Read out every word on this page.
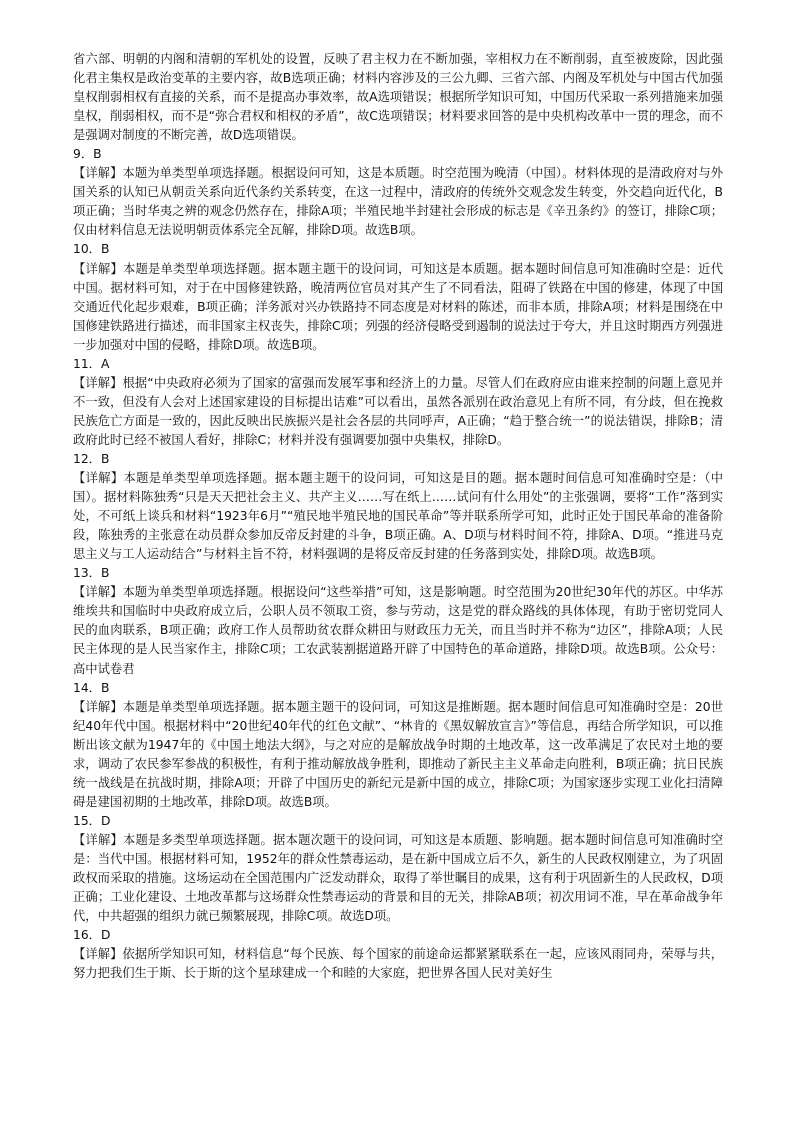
省六部、明朝的内阁和清朝的军机处的设置，反映了君主权力在不断加强，宰相权力在不断削弱，直至被废除，因此强化君主集权是政治变革的主要内容，故B选项正确；材料内容涉及的三公九卿、三省六部、内阁及军机处与中国古代加强皇权削弱相权有直接的关系，而不是提高办事效率，故A选项错误；根据所学知识可知，中国历代采取一系列措施来加强皇权，削弱相权，而不是“弥合君权和相权的矛盾”，故C选项错误；材料要求回答的是中央机构改革中一贯的理念，而不是强调对制度的不断完善，故D选项错误。

9．B

【详解】本题为单类型单项选择题。根据设问可知，这是本质题。时空范围为晚清（中国）。材料体现的是清政府对与外国关系的认知已从朝贡关系向近代条约关系转变，在这一过程中，清政府的传统外交观念发生转变，外交趋向近代化，B项正确；当时华夷之辨的观念仍然存在，排除A项；半殖民地半封建社会形成的标志是《辛丑条约》的签订，排除C项；仅由材料信息无法说明朝贡体系完全瓦解，排除D项。故选B项。

10．B

【详解】本题是单类型单项选择题。据本题主题干的设问词，可知这是本质题。据本题时间信息可知准确时空是：近代中国。据材料可知，对于在中国修建铁路，晚清两位官员对其产生了不同看法，阻碍了铁路在中国的修建，体现了中国交通近代化起步艰难，B项正确；洋务派对兴办铁路持不同态度是对材料的陈述，而非本质，排除A项；材料是围绕在中国修建铁路进行描述，而非国家主权丧失，排除C项；列强的经济侵略受到遏制的说法过于夸大，并且这时期西方列强进一步加强对中国的侵略，排除D项。故选B项。

11．A

【详解】根据“中央政府必须为了国家的富强而发展军事和经济上的力量。尽管人们在政府应由谁来控制的问题上意见并不一致，但没有人会对上述国家建设的目标提出诘难”可以看出，虽然各派别在政治意见上有所不同，有分歧，但在挽救民族危亡方面是一致的，因此反映出民族振兴是社会各层的共同呼声，A正确；“趋于整合统一”的说法错误，排除B；清政府此时已经不被国人看好，排除C；材料并没有强调要加强中央集权，排除D。

12．B

【详解】本题是单类型单项选择题。据本题主题干的设问词，可知这是目的题。据本题时间信息可知准确时空是：（中国）。据材料陈独秀“只是天天把社会主义、共产主义……写在纸上……试问有什么用处”的主张强调，要将“工作”落到实处，不可纸上谈兵和材料“1923年6月”“殖民地半殖民地的国民革命”等并联系所学可知，此时正处于国民革命的准备阶段，陈独秀的主张意在动员群众参加反帝反封建的斗争，B项正确。A、D项与材料时间不符，排除A、D项。“推进马克思主义与工人运动结合”与材料主旨不符，材料强调的是将反帝反封建的任务落到实处，排除D项。故选B项。

13．B

【详解】本题为单类型单项选择题。根据设问“这些举措”可知，这是影响题。时空范围为20世纪30年代的苏区。中华苏维埃共和国临时中央政府成立后，公职人员不领取工资，参与劳动，这是党的群众路线的具体体现，有助于密切党同人民的血肉联系，B项正确；政府工作人员帮助贫农群众耕田与财政压力无关，而且当时并不称为“边区”，排除A项；人民民主体现的是人民当家作主，排除C项；工农武装割据道路开辟了中国特色的革命道路，排除D项。故选B项。公众号：高中试卷君

14．B

【详解】本题是单类型单项选择题。据本题主题干的设问词，可知这是推断题。据本题时间信息可知准确时空是：20世纪40年代中国。根据材料中“20世纪40年代的红色文献”、“林肯的《黑奴解放宣言》”等信息，再结合所学知识，可以推断出该文献为1947年的《中国土地法大纲》，与之对应的是解放战争时期的土地改革，这一改革满足了农民对土地的要求，调动了农民参军参战的积极性，有利于推动解放战争胜利，即推动了新民主主义革命走向胜利，B项正确；抗日民族统一战线是在抗战时期，排除A项；开辟了中国历史的新纪元是新中国的成立，排除C项；为国家逐步实现工业化扫清障碍是建国初期的土地改革，排除D项。故选B项。

15．D

【详解】本题是多类型单项选择题。据本题次题干的设问词，可知这是本质题、影响题。据本题时间信息可知准确时空是：当代中国。根据材料可知，1952年的群众性禁毒运动，是在新中国成立后不久，新生的人民政权刚建立，为了巩固政权而采取的措施。这场运动在全国范围内广泛发动群众，取得了举世瞩目的成果，这有利于巩固新生的人民政权，D项正确；工业化建设、土地改革都与这场群众性禁毒运动的背景和目的无关，排除AB项；初次用词不准，早在革命战争年代，中共超强的组织力就已频繁展现，排除C项。故选D项。

16．D

【详解】依据所学知识可知，材料信息“每个民族、每个国家的前途命运都紧紧联系在一起，应该风雨同舟，荣辱与共，努力把我们生于斯、长于斯的这个星球建成一个和睦的大家庭，把世界各国人民对美好生
